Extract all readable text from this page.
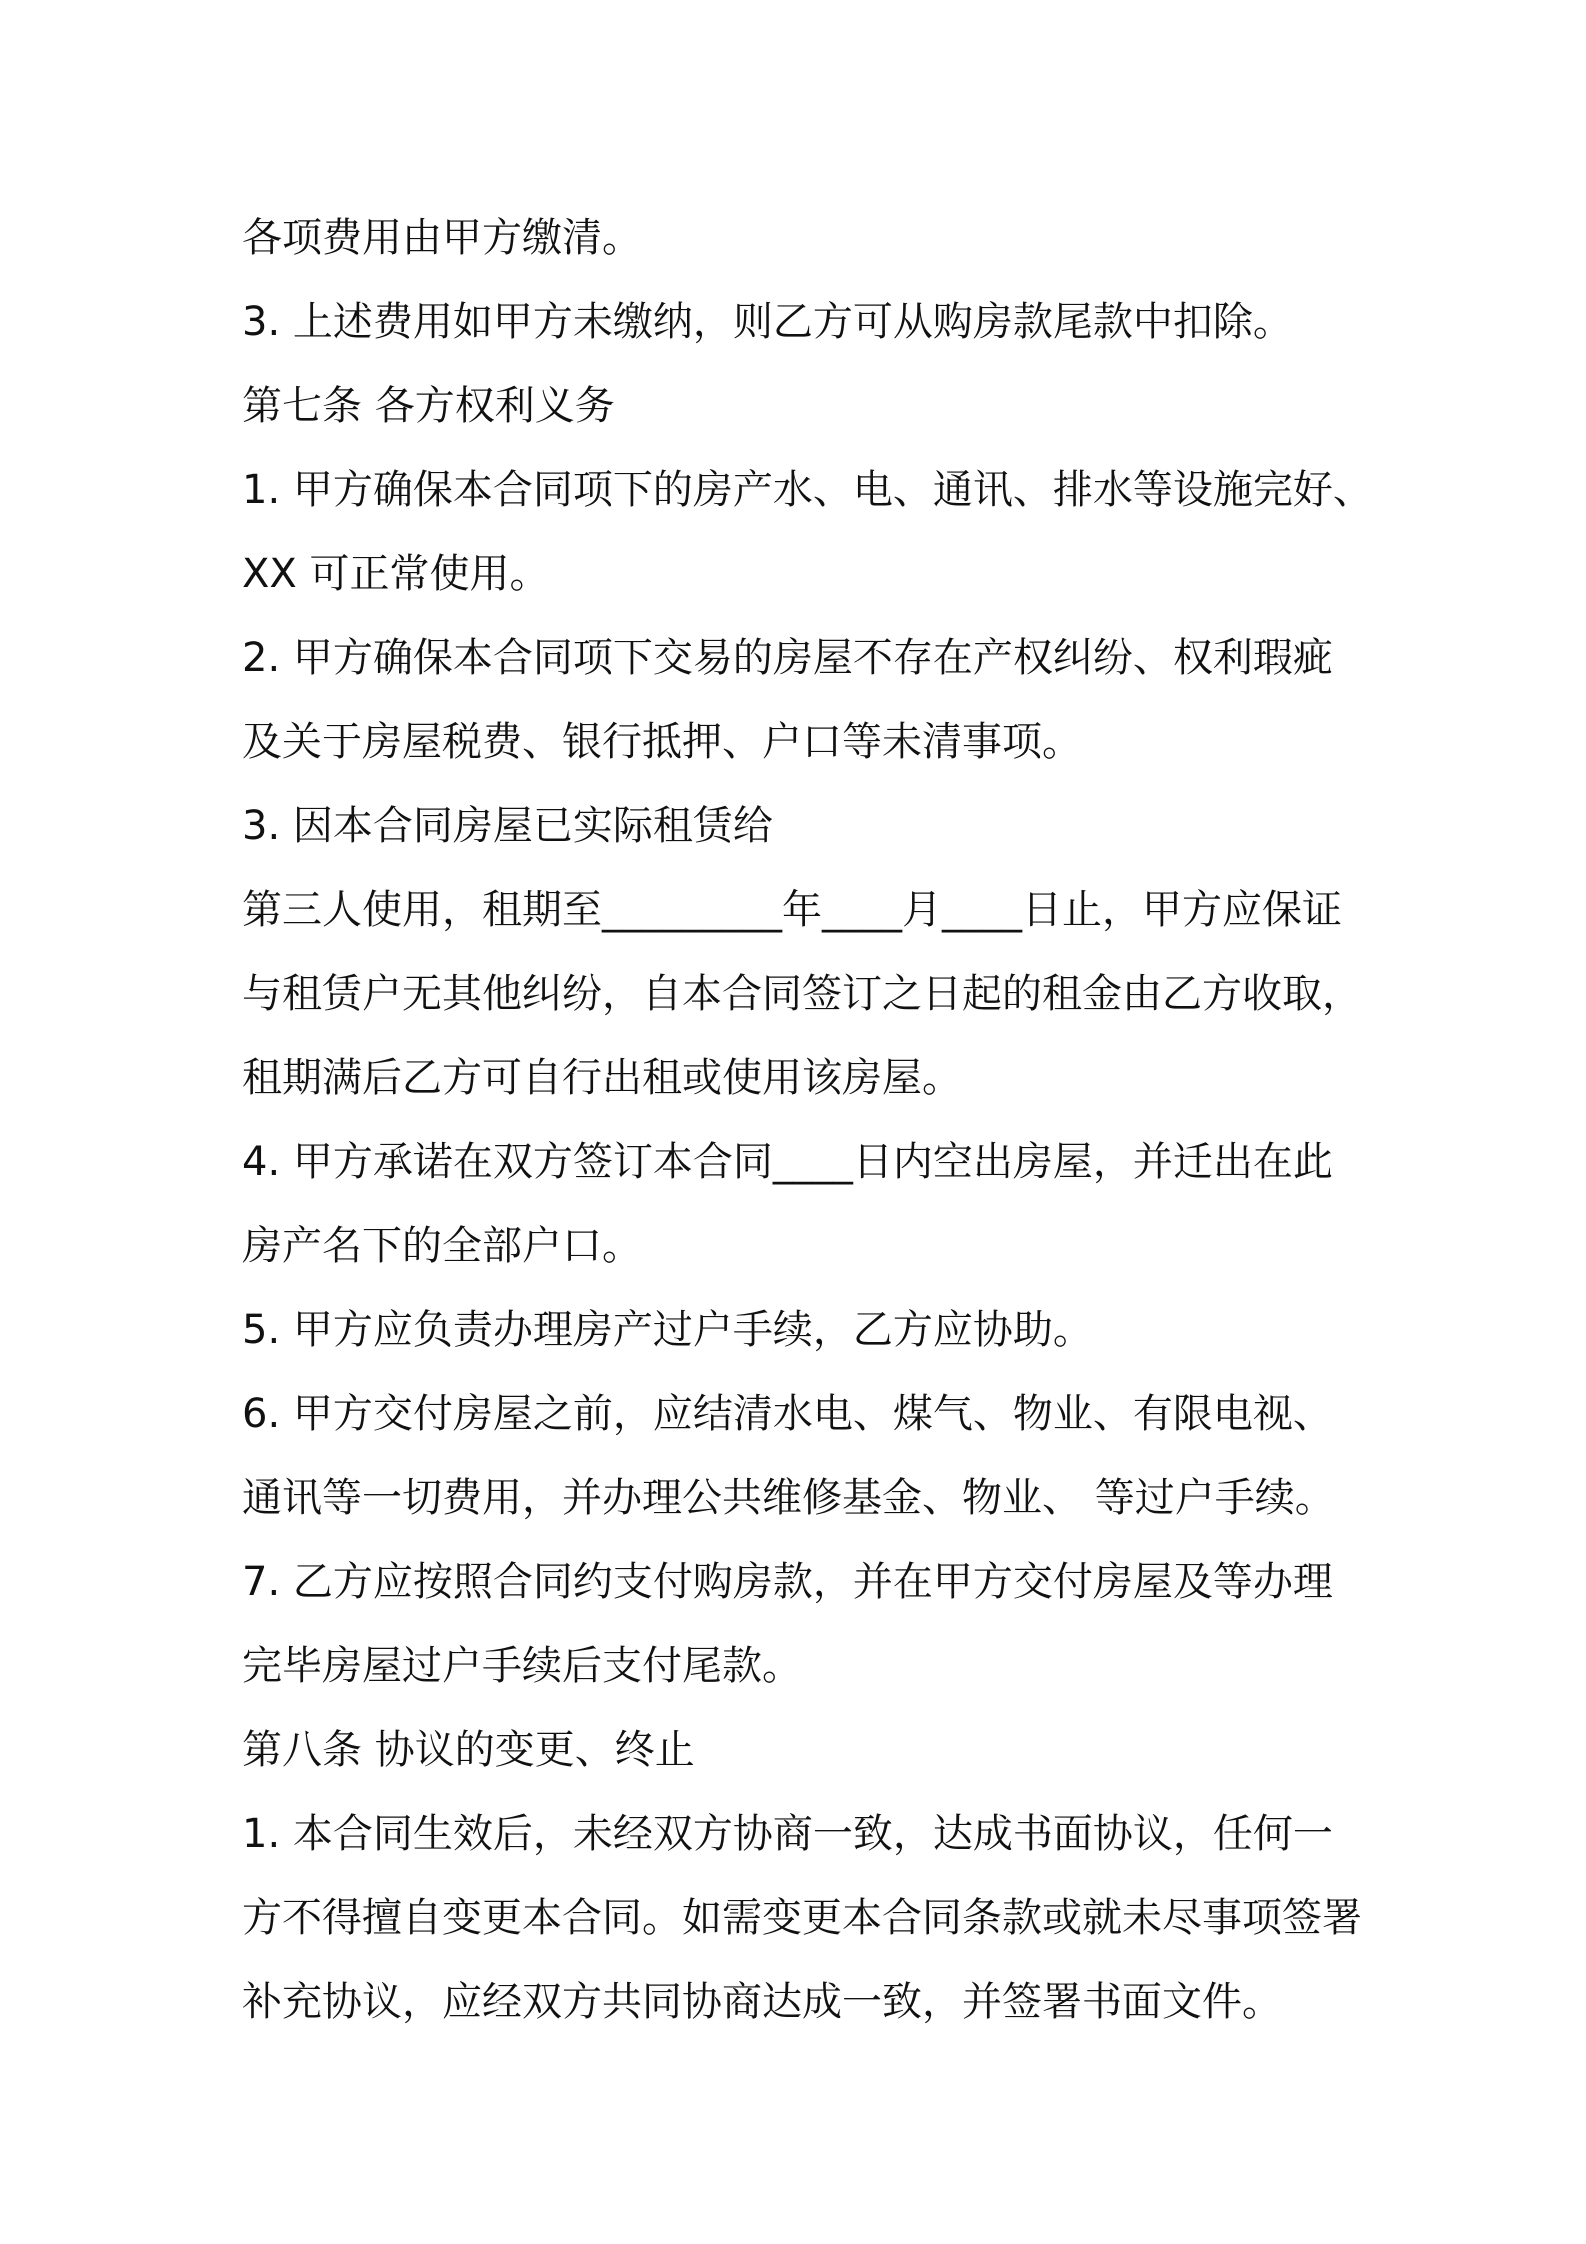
各项费用由甲方缴清。
3. 上述费用如甲方未缴纳，则乙方可从购房款尾款中扣除。
第七条 各方权利义务
1. 甲方确保本合同项下的房产水、电、通讯、排水等设施完好、
XX 可正常使用。
2. 甲方确保本合同项下交易的房屋不存在产权纠纷、权利瑕疵
及关于房屋税费、银行抵押、户口等未清事项。
3. 因本合同房屋已实际租赁给
第三人使用，租期至_________年____月____日止，甲方应保证
与租赁户无其他纠纷，自本合同签订之日起的租金由乙方收取，
租期满后乙方可自行出租或使用该房屋。
4. 甲方承诺在双方签订本合同____日内空出房屋，并迁出在此
房产名下的全部户口。
5. 甲方应负责办理房产过户手续，乙方应协助。
6. 甲方交付房屋之前，应结清水电、煤气、物业、有限电视、
通讯等一切费用，并办理公共维修基金、物业、 等过户手续。
7. 乙方应按照合同约支付购房款，并在甲方交付房屋及等办理
完毕房屋过户手续后支付尾款。
第八条 协议的变更、终止
1. 本合同生效后，未经双方协商一致，达成书面协议，任何一
方不得擅自变更本合同。如需变更本合同条款或就未尽事项签署
补充协议，应经双方共同协商达成一致，并签署书面文件。
